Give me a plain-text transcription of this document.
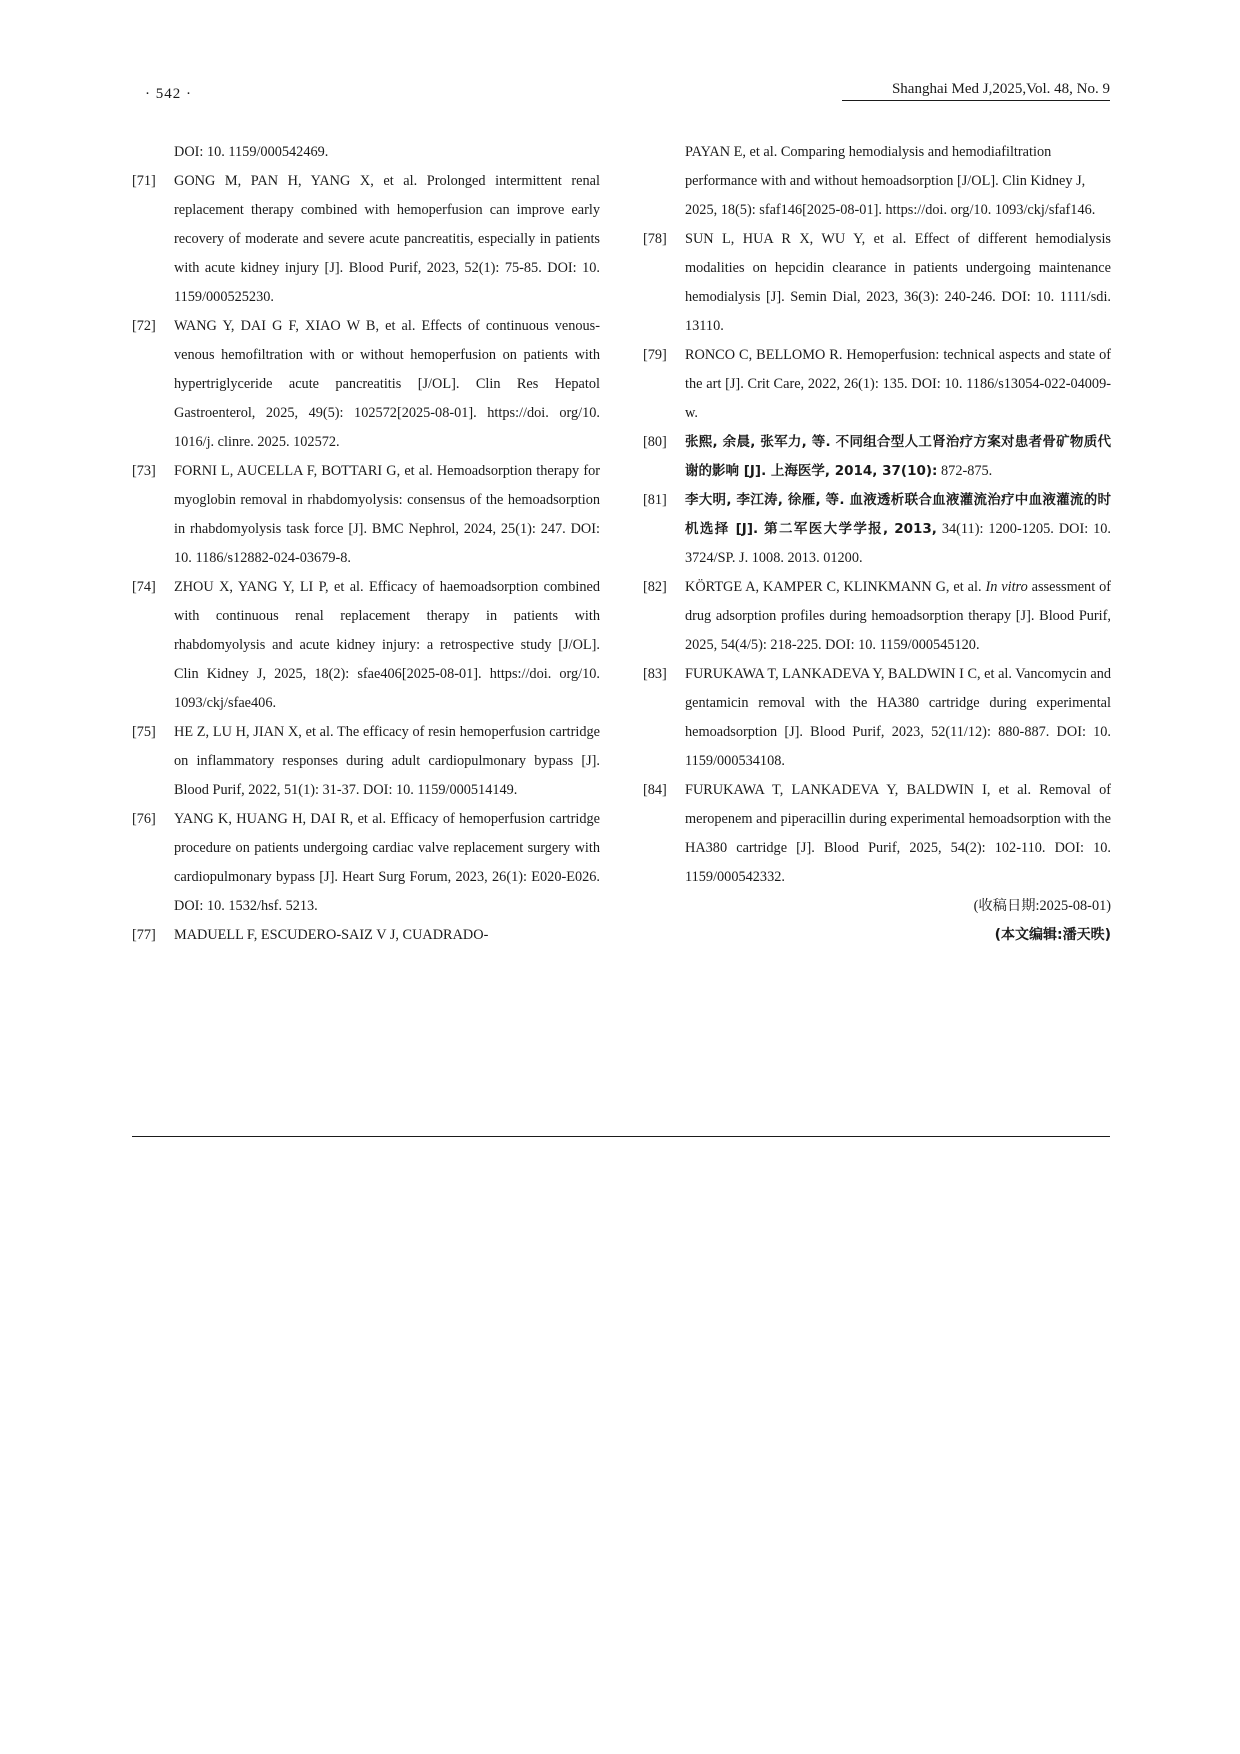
· 542 ·	Shanghai Med J,2025,Vol. 48, No. 9
DOI: 10. 1159/000542469.
[71] GONG M, PAN H, YANG X, et al. Prolonged intermittent renal replacement therapy combined with hemoperfusion can improve early recovery of moderate and severe acute pancreatitis, especially in patients with acute kidney injury [J]. Blood Purif, 2023, 52(1): 75-85. DOI: 10. 1159/000525230.
[72] WANG Y, DAI G F, XIAO W B, et al. Effects of continuous venous-venous hemofiltration with or without hemoperfusion on patients with hypertriglyceride acute pancreatitis [J/OL]. Clin Res Hepatol Gastroenterol, 2025, 49(5): 102572[2025-08-01]. https://doi. org/10. 1016/j. clinre. 2025. 102572.
[73] FORNI L, AUCELLA F, BOTTARI G, et al. Hemoadsorption therapy for myoglobin removal in rhabdomyolysis: consensus of the hemoadsorption in rhabdomyolysis task force [J]. BMC Nephrol, 2024, 25(1): 247. DOI: 10. 1186/s12882-024-03679-8.
[74] ZHOU X, YANG Y, LI P, et al. Efficacy of haemoadsorption combined with continuous renal replacement therapy in patients with rhabdomyolysis and acute kidney injury: a retrospective study [J/OL]. Clin Kidney J, 2025, 18(2): sfae406[2025-08-01]. https://doi. org/10. 1093/ckj/sfae406.
[75] HE Z, LU H, JIAN X, et al. The efficacy of resin hemoperfusion cartridge on inflammatory responses during adult cardiopulmonary bypass [J]. Blood Purif, 2022, 51(1): 31-37. DOI: 10. 1159/000514149.
[76] YANG K, HUANG H, DAI R, et al. Efficacy of hemoperfusion cartridge procedure on patients undergoing cardiac valve replacement surgery with cardiopulmonary bypass [J]. Heart Surg Forum, 2023, 26(1): E020-E026. DOI: 10. 1532/hsf. 5213.
[77] MADUELL F, ESCUDERO-SAIZ V J, CUADRADO-
PAYAN E, et al. Comparing hemodialysis and hemodiafiltration performance with and without hemoadsorption [J/OL]. Clin Kidney J, 2025, 18(5): sfaf146[2025-08-01]. https://doi. org/10. 1093/ckj/sfaf146.
[78] SUN L, HUA R X, WU Y, et al. Effect of different hemodialysis modalities on hepcidin clearance in patients undergoing maintenance hemodialysis [J]. Semin Dial, 2023, 36(3): 240-246. DOI: 10. 1111/sdi. 13110.
[79] RONCO C, BELLOMO R. Hemoperfusion: technical aspects and state of the art [J]. Crit Care, 2022, 26(1): 135. DOI: 10. 1186/s13054-022-04009-w.
[80] 张熙, 余晨, 张军力, 等. 不同组合型人工肾治疗方案对患者骨矿物质代谢的影响 [J]. 上海医学, 2014, 37(10): 872-875.
[81] 李大明, 李江涛, 徐雁, 等. 血液透析联合血液灌流治疗中血液灌流的时机选择 [J]. 第二军医大学学报, 2013, 34(11): 1200-1205. DOI: 10. 3724/SP. J. 1008. 2013. 01200.
[82] KÖRTGE A, KAMPER C, KLINKMANN G, et al. In vitro assessment of drug adsorption profiles during hemoadsorption therapy [J]. Blood Purif, 2025, 54(4/5): 218-225. DOI: 10. 1159/000545120.
[83] FURUKAWA T, LANKADEVA Y, BALDWIN I C, et al. Vancomycin and gentamicin removal with the HA380 cartridge during experimental hemoadsorption [J]. Blood Purif, 2023, 52(11/12): 880-887. DOI: 10. 1159/000534108.
[84] FURUKAWA T, LANKADEVA Y, BALDWIN I, et al. Removal of meropenem and piperacillin during experimental hemoadsorption with the HA380 cartridge [J]. Blood Purif, 2025, 54(2): 102-110. DOI: 10. 1159/000542332.
(收稿日期:2025-08-01)
(本文编辑:潘天昳)
